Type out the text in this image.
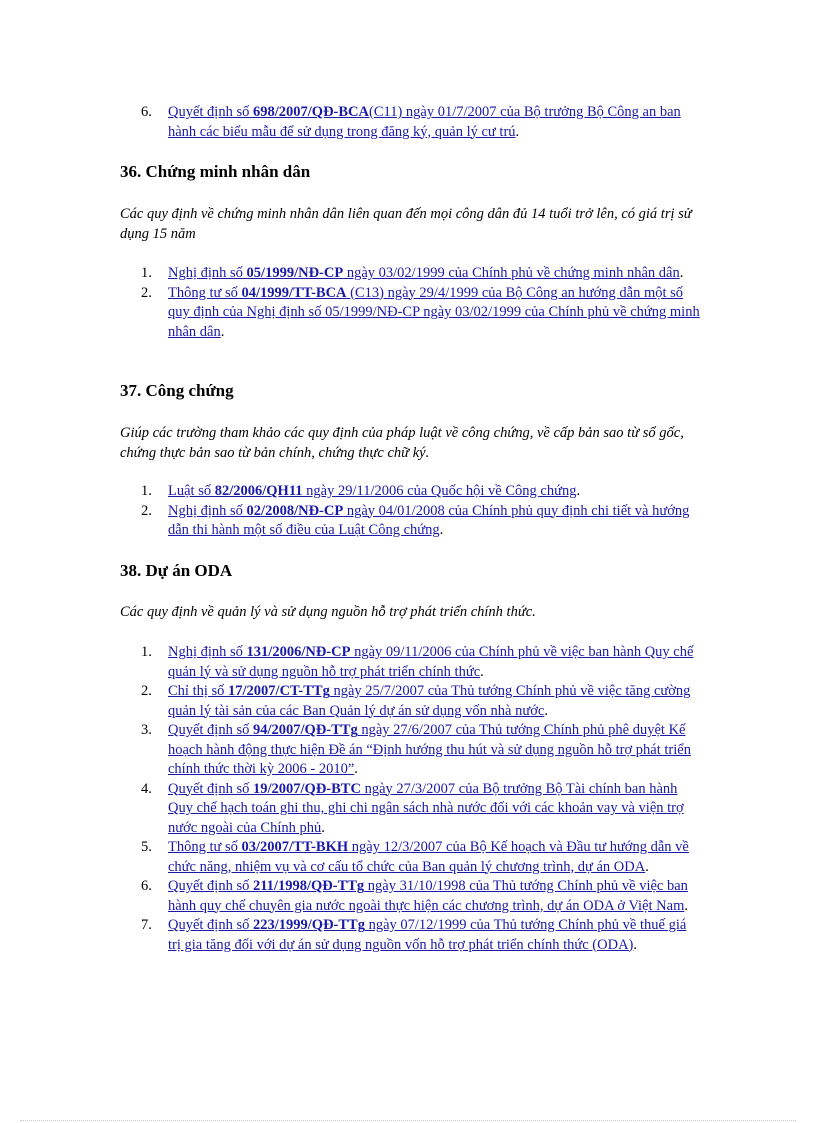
6. Quyết định số 698/2007/QĐ-BCA(C11) ngày 01/7/2007 của Bộ trưởng Bộ Công an ban hành các biểu mẫu để sử dụng trong đăng ký, quản lý cư trú.
36. Chứng minh nhân dân

Các quy định về chứng minh nhân dân liên quan đến mọi công dân đủ 14 tuổi trở lên, có giá trị sử dụng 15 năm

1. Nghị định số 05/1999/NĐ-CP ngày 03/02/1999 của Chính phủ về chứng minh nhân dân.
2. Thông tư số 04/1999/TT-BCA (C13) ngày 29/4/1999 của Bộ Công an hướng dẫn một số quy định của Nghị định số 05/1999/NĐ-CP ngày 03/02/1999 của Chính phủ về chứng minh nhân dân.
37. Công chứng

Giúp các trường tham khảo các quy định của pháp luật về công chứng, về cấp bản sao từ sổ gốc, chứng thực bản sao từ bản chính, chứng thực chữ ký.

1. Luật số 82/2006/QH11 ngày 29/11/2006 của Quốc hội về Công chứng.
2. Nghị định số 02/2008/NĐ-CP ngày 04/01/2008 của Chính phủ quy định chi tiết và hướng dẫn thi hành một số điều của Luật Công chứng.
38. Dự án ODA

Các quy định về quản lý và sử dụng nguồn hỗ trợ phát triển chính thức.

1. Nghị định số 131/2006/NĐ-CP ngày 09/11/2006 của Chính phủ về việc ban hành Quy chế quản lý và sử dụng nguồn hỗ trợ phát triển chính thức.
2. Chỉ thị số 17/2007/CT-TTg ngày 25/7/2007 của Thủ tướng Chính phủ về việc tăng cường quản lý tài sản của các Ban Quản lý dự án sử dụng vốn nhà nước.
3. Quyết định số 94/2007/QĐ-TTg ngày 27/6/2007 của Thủ tướng Chính phủ phê duyệt Kế hoạch hành động thực hiện Đề án “Định hướng thu hút và sử dụng nguồn hỗ trợ phát triển chính thức thời kỳ 2006 - 2010”.
4. Quyết định số 19/2007/QĐ-BTC ngày 27/3/2007 của Bộ trưởng Bộ Tài chính ban hành Quy chế hạch toán ghi thu, ghi chi ngân sách nhà nước đối với các khoản vay và viện trợ nước ngoài của Chính phủ.
5. Thông tư số 03/2007/TT-BKH ngày 12/3/2007 của Bộ Kế hoạch và Đầu tư hướng dẫn về chức năng, nhiệm vụ và cơ cấu tổ chức của Ban quản lý chương trình, dự án ODA.
6. Quyết định số 211/1998/QĐ-TTg ngày 31/10/1998 của Thủ tướng Chính phủ về việc ban hành quy chế chuyên gia nước ngoài thực hiện các chương trình, dự án ODA ở Việt Nam.
7. Quyết định số 223/1999/QĐ-TTg ngày 07/12/1999 của Thủ tướng Chính phủ về thuế giá trị gia tăng đối với dự án sử dụng nguồn vốn hỗ trợ phát triển chính thức (ODA).
